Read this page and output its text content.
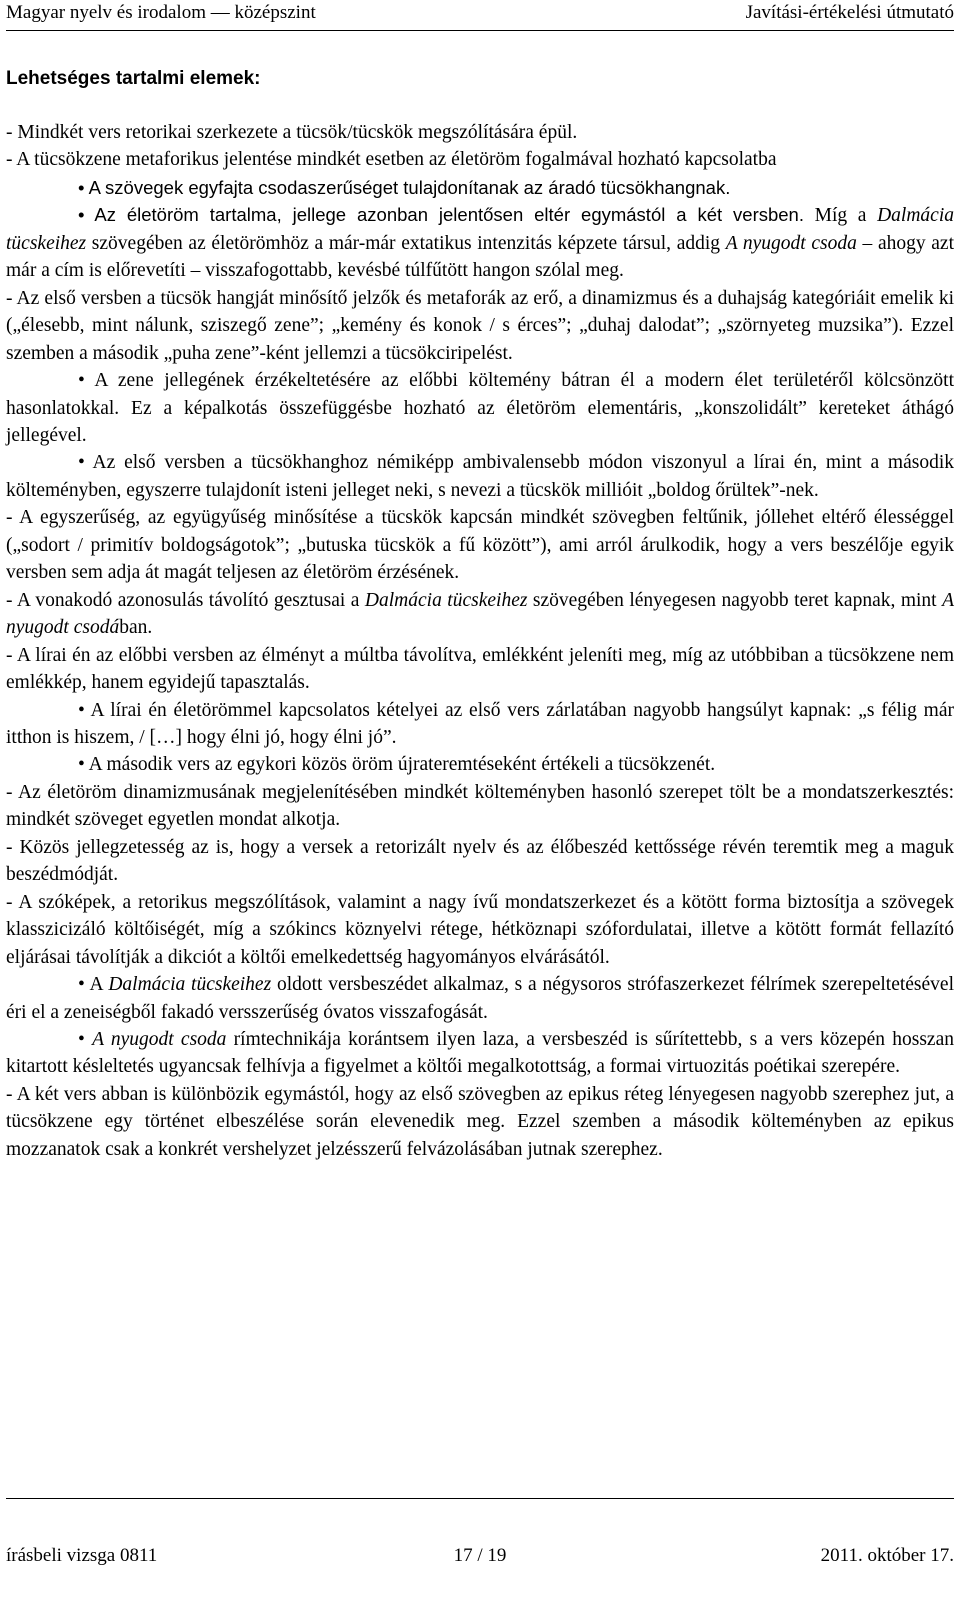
Magyar nyelv és irodalom — középszint	Javítási-értékelési útmutató
Lehetséges tartalmi elemek:

- Mindkét vers retorikai szerkezete a tücsök/tücskök megszólítására épül.

- A tücsökzene metaforikus jelentése mindkét esetben az életöröm fogalmával hozható kapcsolatba

• A szövegek egyfajta csodaszerűséget tulajdonítanak az áradó tücsökhangnak.

• Az életöröm tartalma, jellege azonban jelentősen eltér egymástól a két versben. Míg a Dalmácia tücskeihez szövegében az életörömhöz a már-már extatikus intenzitás képzete társul, addig A nyugodt csoda – ahogy azt már a cím is előrevetíti – visszafogottabb, kevésbé túlfűtött hangon szólal meg.

- Az első versben a tücsök hangját minősítő jelzők és metaforák az erő, a dinamizmus és a duhajság kategóriáit emelik ki („élesebb, mint nálunk, sziszegő zene”; „kemény és konok / s érces”; „duhaj dalodat”; „szörnyeteg muzsika”). Ezzel szemben a második „puha zene”-ként jellemzi a tücsökciripelést.

• A zene jellegének érzékeltetésére az előbbi költemény bátran él a modern élet területéről kölcsönzött hasonlatokkal. Ez a képalkotás összefüggésbe hozható az életöröm elementáris, „konszolidált” kereteket áthágó jellegével.

• Az első versben a tücsökhanghoz némiképp ambivalensebb módon viszonyul a lírai én, mint a második költeményben, egyszerre tulajdonít isteni jelleget neki, s nevezi a tücskök millióit „boldog őrültek”-nek.

- A egyszerűség, az együgyűség minősítése a tücskök kapcsán mindkét szövegben feltűnik, jóllehet eltérő élességgel („sodort / primitív boldogságotok”; „butuska tücskök a fű között”), ami arról árulkodik, hogy a vers beszélője egyik versben sem adja át magát teljesen az életöröm érzésének.

- A vonakodó azonosulás távolító gesztusai a Dalmácia tücskeihez szövegében lényegesen nagyobb teret kapnak, mint A nyugodt csodában.

- A lírai én az előbbi versben az élményt a múltba távolítva, emlékként jeleníti meg, míg az utóbbiban a tücsökzene nem emlékkép, hanem egyidejű tapasztalás.

• A lírai én életörömmel kapcsolatos kételyei az első vers zárlatában nagyobb hangsúlyt kapnak: „s félig már itthon is hiszem, / […] hogy élni jó, hogy élni jó”.

• A második vers az egykori közös öröm újrateremtéseként értékeli a tücsökzenét.

- Az életöröm dinamizmusának megjelenítésében mindkét költeményben hasonló szerepet tölt be a mondatszerkesztés: mindkét szöveget egyetlen mondat alkotja.

- Közös jellegzetesség az is, hogy a versek a retorizált nyelv és az élőbeszéd kettőssége révén teremtik meg a maguk beszédmódját.

- A szóképek, a retorikus megszólítások, valamint a nagy ívű mondatszerkezet és a kötött forma biztosítja a szövegek klasszicizáló költőiségét, míg a szókincs köznyelvi rétege, hétköznapi szófordulatai, illetve a kötött formát fellazító eljárásai távolítják a dikciót a költői emelkedettség hagyományos elvárásától.

• A Dalmácia tücskeihez oldott versbeszédet alkalmaz, s a négysoros strófaszerkezet félrímek szerepeltetésével éri el a zeneiségből fakadó versszerűség óvatos visszafogását.

• A nyugodt csoda rímtechnikája korántsem ilyen laza, a versbeszéd is sűrítettebb, s a vers közepén hosszan kitartott késleltetés ugyancsak felhívja a figyelmet a költői megalkotottság, a formai virtuozitás poétikai szerepére.

- A két vers abban is különbözik egymástól, hogy az első szövegben az epikus réteg lényegesen nagyobb szerephez jut, a tücsökzene egy történet elbeszélése során elevenedik meg. Ezzel szemben a második költeményben az epikus mozzanatok csak a konkrét vershelyzet jelzésszerű felvázolásában jutnak szerephez.

írásbeli vizsga 0811	17 / 19	2011. október 17.
